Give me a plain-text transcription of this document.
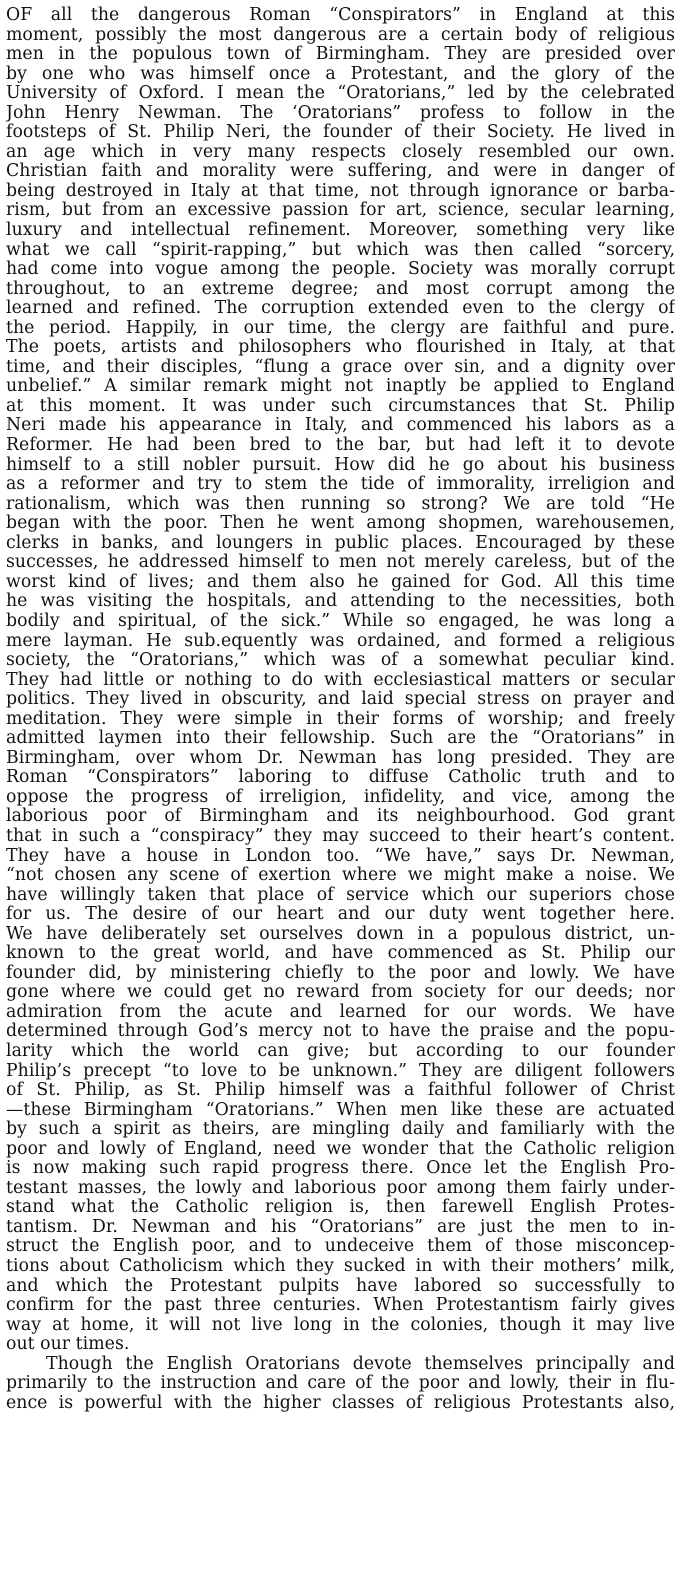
OF all the dangerous Roman “Conspirators” in England at this
moment, possibly the most dangerous are a certain body of religious
men in the populous town of Birmingham. They are presided over
by one who was himself once a Protestant, and the glory of the
University of Oxford. I mean the “Oratorians,” led by the celebrated
John Henry Newman. The ‘Oratorians” profess to follow in the
footsteps of St. Philip Neri, the founder of their Society. He lived in
an age which in very many respects closely resembled our own.
Christian faith and morality were suffering, and were in danger of
being destroyed in Italy at that time, not through ignorance or barba-
rism, but from an excessive passion for art, science, secular learning,
luxury and intellectual refinement. Moreover, something very like
what we call “spirit-rapping,” but which was then called “sorcery,
had come into vogue among the people. Society was morally corrupt
throughout, to an extreme degree; and most corrupt among the
learned and refined. The corruption extended even to the clergy of
the period. Happily, in our time, the clergy are faithful and pure.
The poets, artists and philosophers who flourished in Italy, at that
time, and their disciples, “flung a grace over sin, and a dignity over
unbelief.” A similar remark might not inaptly be applied to England
at this moment. It was under such circumstances that St. Philip
Neri made his appearance in Italy, and commenced his labors as a
Reformer. He had been bred to the bar, but had left it to devote
himself to a still nobler pursuit. How did he go about his business
as a reformer and try to stem the tide of immorality, irreligion and
rationalism, which was then running so strong? We are told “He
began with the poor. Then he went among shopmen, warehousemen,
clerks in banks, and loungers in public places. Encouraged by these
successes, he addressed himself to men not merely careless, but of the
worst kind of lives; and them also he gained for God. All this time
he was visiting the hospitals, and attending to the necessities, both
bodily and spiritual, of the sick.” While so engaged, he was long a
mere layman. He sub.equently was ordained, and formed a religious
society, the “Oratorians,” which was of a somewhat peculiar kind.
They had little or nothing to do with ecclesiastical matters or secular
politics. They lived in obscurity, and laid special stress on prayer and
meditation. They were simple in their forms of worship; and freely
admitted laymen into their fellowship. Such are the “Oratorians” in
Birmingham, over whom Dr. Newman has long presided. They are
Roman “Conspirators” laboring to diffuse Catholic truth and to
oppose the progress of irreligion, infidelity, and vice, among the
laborious poor of Birmingham and its neighbourhood. God grant
that in such a “conspiracy” they may succeed to their heart’s content.
They have a house in London too. “We have,” says Dr. Newman,
“not chosen any scene of exertion where we might make a noise. We
have willingly taken that place of service which our superiors chose
for us. The desire of our heart and our duty went together here.
We have deliberately set ourselves down in a populous district, un-
known to the great world, and have commenced as St. Philip our
founder did, by ministering chiefly to the poor and lowly. We have
gone where we could get no reward from society for our deeds; nor
admiration from the acute and learned for our words. We have
determined through God’s mercy not to have the praise and the popu-
larity which the world can give; but according to our founder
Philip’s precept “to love to be unknown.” They are diligent followers
of St. Philip, as St. Philip himself was a faithful follower of Christ
—these Birmingham “Oratorians.” When men like these are actuated
by such a spirit as theirs, are mingling daily and familiarly with the
poor and lowly of England, need we wonder that the Catholic religion
is now making such rapid progress there. Once let the English Pro-
testant masses, the lowly and laborious poor among them fairly under-
stand what the Catholic religion is, then farewell English Protes-
tantism. Dr. Newman and his “Oratorians” are just the men to in-
struct the English poor, and to undeceive them of those misconcep-
tions about Catholicism which they sucked in with their mothers’ milk,
and which the Protestant pulpits have labored so successfully to
confirm for the past three centuries. When Protestantism fairly gives
way at home, it will not live long in the colonies, though it may live
out our times.
Though the English Oratorians devote themselves principally and
primarily to the instruction and care of the poor and lowly, their in flu-
ence is powerful with the higher classes of religious Protestants also,
